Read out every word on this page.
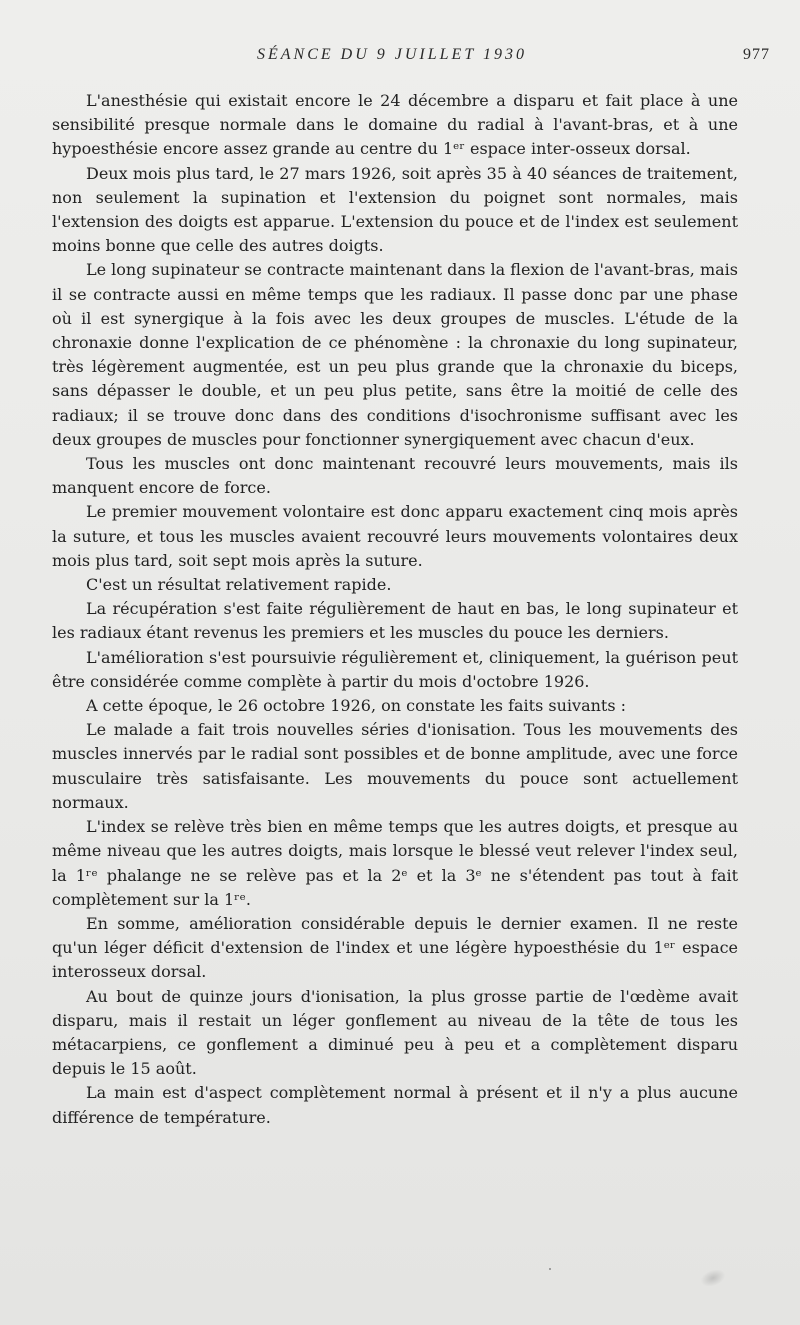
SÉANCE DU 9 JUILLET 1930	977

L'anesthésie qui existait encore le 24 décembre a disparu et fait place à une sensibilité presque normale dans le domaine du radial à l'avant-bras, et à une hypoesthésie encore assez grande au centre du 1ᵉʳ espace inter-osseux dorsal.

Deux mois plus tard, le 27 mars 1926, soit après 35 à 40 séances de traitement, non seulement la supination et l'extension du poignet sont normales, mais l'extension des doigts est apparue. L'extension du pouce et de l'index est seulement moins bonne que celle des autres doigts.

Le long supinateur se contracte maintenant dans la flexion de l'avant-bras, mais il se contracte aussi en même temps que les radiaux. Il passe donc par une phase où il est synergique à la fois avec les deux groupes de muscles. L'étude de la chronaxie donne l'explication de ce phénomène : la chronaxie du long supinateur, très légèrement augmentée, est un peu plus grande que la chronaxie du biceps, sans dépasser le double, et un peu plus petite, sans être la moitié de celle des radiaux; il se trouve donc dans des conditions d'isochronisme suffisant avec les deux groupes de muscles pour fonctionner synergiquement avec chacun d'eux.

Tous les muscles ont donc maintenant recouvré leurs mouvements, mais ils manquent encore de force.

Le premier mouvement volontaire est donc apparu exactement cinq mois après la suture, et tous les muscles avaient recouvré leurs mouvements volontaires deux mois plus tard, soit sept mois après la suture.

C'est un résultat relativement rapide.

La récupération s'est faite régulièrement de haut en bas, le long supinateur et les radiaux étant revenus les premiers et les muscles du pouce les derniers.

L'amélioration s'est poursuivie régulièrement et, cliniquement, la guérison peut être considérée comme complète à partir du mois d'octobre 1926.

A cette époque, le 26 octobre 1926, on constate les faits suivants :

Le malade a fait trois nouvelles séries d'ionisation. Tous les mouvements des muscles innervés par le radial sont possibles et de bonne amplitude, avec une force musculaire très satisfaisante. Les mouvements du pouce sont actuellement normaux.

L'index se relève très bien en même temps que les autres doigts, et presque au même niveau que les autres doigts, mais lorsque le blessé veut relever l'index seul, la 1ʳᵉ phalange ne se relève pas et la 2ᵉ et la 3ᵉ ne s'étendent pas tout à fait complètement sur la 1ʳᵉ.

En somme, amélioration considérable depuis le dernier examen. Il ne reste qu'un léger déficit d'extension de l'index et une légère hypoesthésie du 1ᵉʳ espace interosseux dorsal.

Au bout de quinze jours d'ionisation, la plus grosse partie de l'œdème avait disparu, mais il restait un léger gonflement au niveau de la tête de tous les métacarpiens, ce gonflement a diminué peu à peu et a complètement disparu depuis le 15 août.

La main est d'aspect complètement normal à présent et il n'y a plus aucune différence de température.
